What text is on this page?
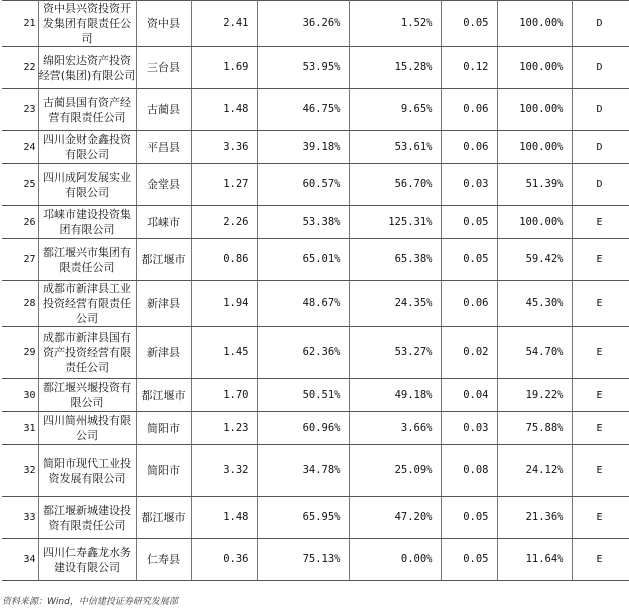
21	资中县兴资投资开发集团有限责任公司	资中县	2.41	36.26%	1.52%	0.05	100.00%	D
22	绵阳宏达资产投资经营(集团)有限公司	三台县	1.69	53.95%	15.28%	0.12	100.00%	D
23	古蔺县国有资产经营有限责任公司	古蔺县	1.48	46.75%	9.65%	0.06	100.00%	D
24	四川金财金鑫投资有限公司	平昌县	3.36	39.18%	53.61%	0.06	100.00%	D
25	四川成阿发展实业有限公司	金堂县	1.27	60.57%	56.70%	0.03	51.39%	D
26	邛崃市建设投资集团有限公司	邛崃市	2.26	53.38%	125.31%	0.05	100.00%	E
27	都江堰兴市集团有限责任公司	都江堰市	0.86	65.01%	65.38%	0.05	59.42%	E
28	成都市新津县工业投资经营有限责任公司	新津县	1.94	48.67%	24.35%	0.06	45.30%	E
29	成都市新津县国有资产投资经营有限责任公司	新津县	1.45	62.36%	53.27%	0.02	54.70%	E
30	都江堰兴堰投资有限公司	都江堰市	1.70	50.51%	49.18%	0.04	19.22%	E
31	四川简州城投有限公司	简阳市	1.23	60.96%	3.66%	0.03	75.88%	E
32	简阳市现代工业投资发展有限公司	简阳市	3.32	34.78%	25.09%	0.08	24.12%	E
33	都江堰新城建设投资有限责任公司	都江堰市	1.48	65.95%	47.20%	0.05	21.36%	E
34	四川仁寿鑫龙水务建设有限公司	仁寿县	0.36	75.13%	0.00%	0.05	11.64%	E
资料来源：Wind，中信建投证券研究发展部
